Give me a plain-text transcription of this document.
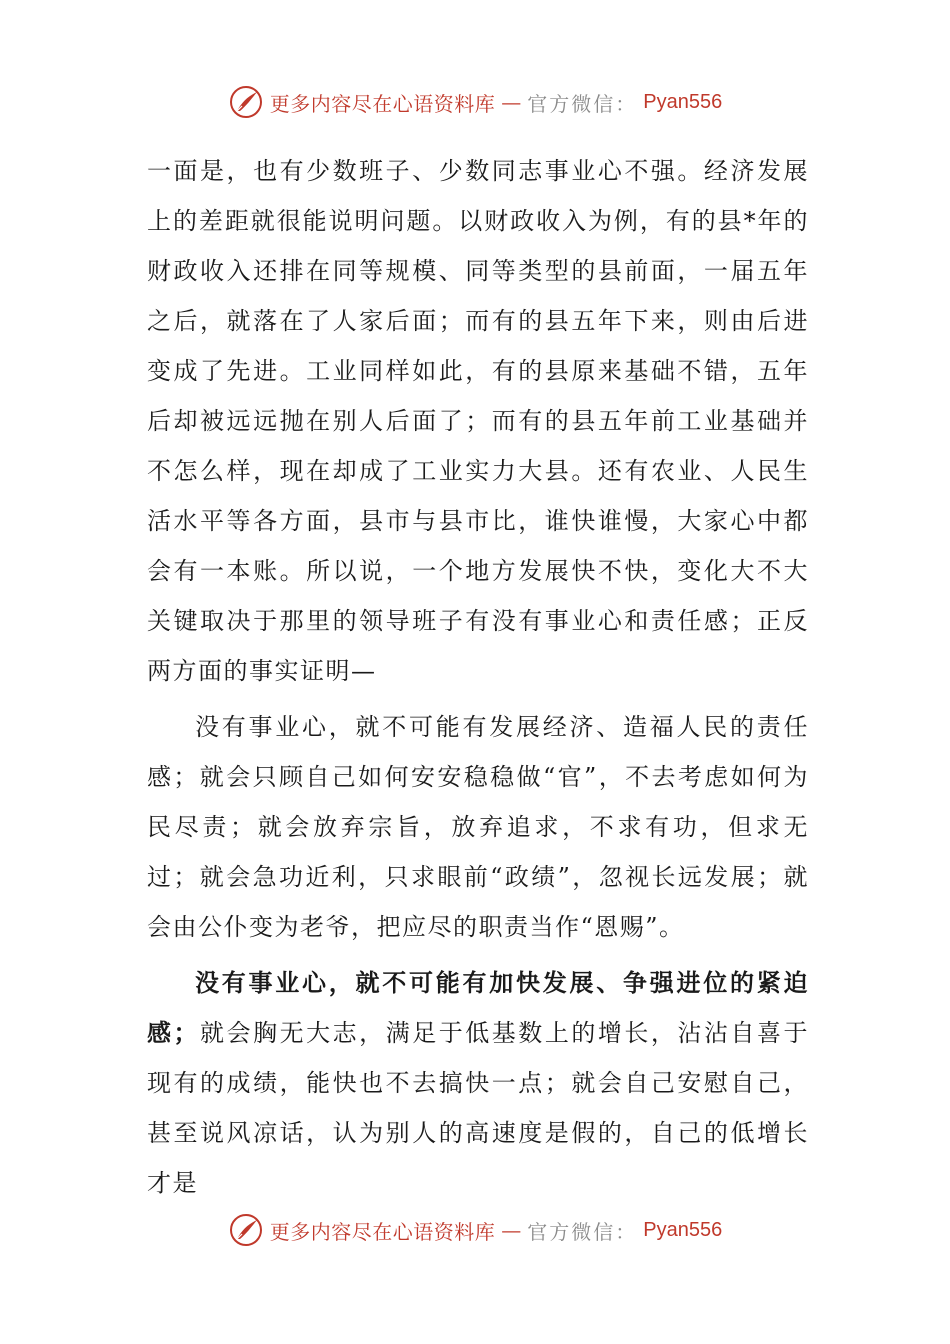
更多内容尽在心语资料库 — 官方微信： Pyan556

一面是，也有少数班子、少数同志事业心不强。经济发展上的差距就很能说明问题。以财政收入为例，有的县*年的财政收入还排在同等规模、同等类型的县前面，一届五年之后，就落在了人家后面；而有的县五年下来，则由后进变成了先进。工业同样如此，有的县原来基础不错，五年后却被远远抛在别人后面了；而有的县五年前工业基础并不怎么样，现在却成了工业实力大县。还有农业、人民生活水平等各方面，县市与县市比，谁快谁慢，大家心中都会有一本账。所以说，一个地方发展快不快，变化大不大关键取决于那里的领导班子有没有事业心和责任感；正反两方面的事实证明—

没有事业心，就不可能有发展经济、造福人民的责任感；就会只顾自己如何安安稳稳做“官”，不去考虑如何为民尽责；就会放弃宗旨，放弃追求，不求有功，但求无过；就会急功近利，只求眼前“政绩”，忽视长远发展；就会由公仆变为老爷，把应尽的职责当作“恩赐”。

没有事业心，就不可能有加快发展、争强进位的紧迫感；就会胸无大志，满足于低基数上的增长，沾沾自喜于现有的成绩，能快也不去搞快一点；就会自己安慰自己，甚至说风凉话，认为别人的高速度是假的，自己的低增长才是

更多内容尽在心语资料库 — 官方微信： Pyan556
